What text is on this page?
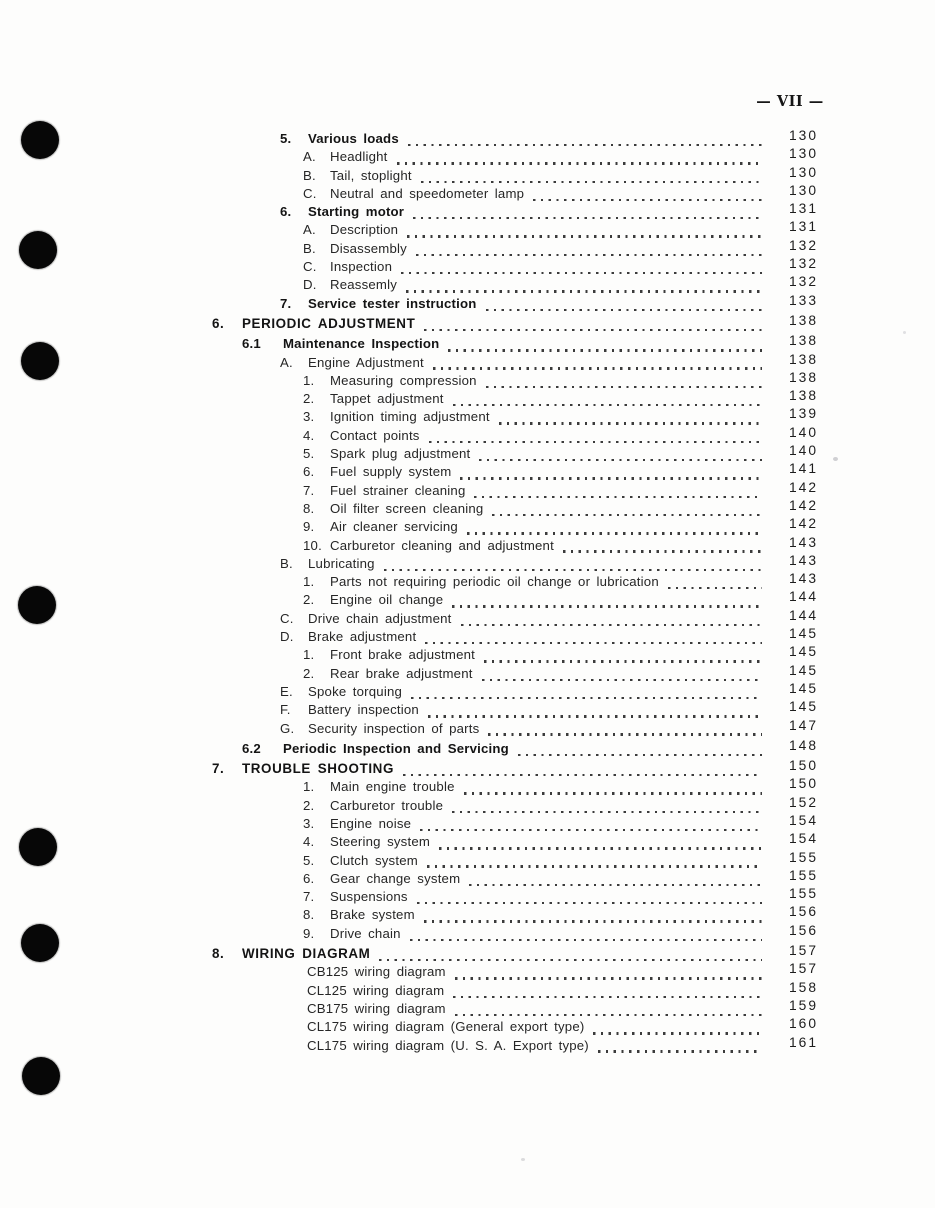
— VII —
5.	Various loads	130
A.	Headlight	130
B.	Tail, stoplight	130
C.	Neutral and speedometer lamp	130
6.	Starting motor	131
A.	Description	131
B.	Disassembly	132
C.	Inspection	132
D.	Reassemly	132
7.	Service tester instruction	133
6.	PERIODIC ADJUSTMENT	138
6.1	Maintenance Inspection	138
A.	Engine Adjustment	138
1.	Measuring compression	138
2.	Tappet adjustment	138
3.	Ignition timing adjustment	139
4.	Contact points	140
5.	Spark plug adjustment	140
6.	Fuel supply system	141
7.	Fuel strainer cleaning	142
8.	Oil filter screen cleaning	142
9.	Air cleaner servicing	142
10. Carburetor cleaning and adjustment	143
B.	Lubricating	143
1.	Parts not requiring periodic oil change or lubrication	143
2.	Engine oil change	144
C.	Drive chain adjustment	144
D.	Brake adjustment	145
1.	Front brake adjustment	145
2.	Rear brake adjustment	145
E.	Spoke torquing	145
F.	Battery inspection	145
G.	Security inspection of parts	147
6.2	Periodic Inspection and Servicing	148
7.	TROUBLE SHOOTING	150
1.	Main engine trouble	150
2.	Carburetor trouble	152
3.	Engine noise	154
4.	Steering system	154
5.	Clutch system	155
6.	Gear change system	155
7.	Suspensions	155
8.	Brake system	156
9.	Drive chain	156
8.	WIRING DIAGRAM	157
CB125 wiring diagram	157
CL125 wiring diagram	158
CB175 wiring diagram	159
CL175 wiring diagram (General export type)	160
CL175 wiring diagram (U. S. A. Export type)	161
